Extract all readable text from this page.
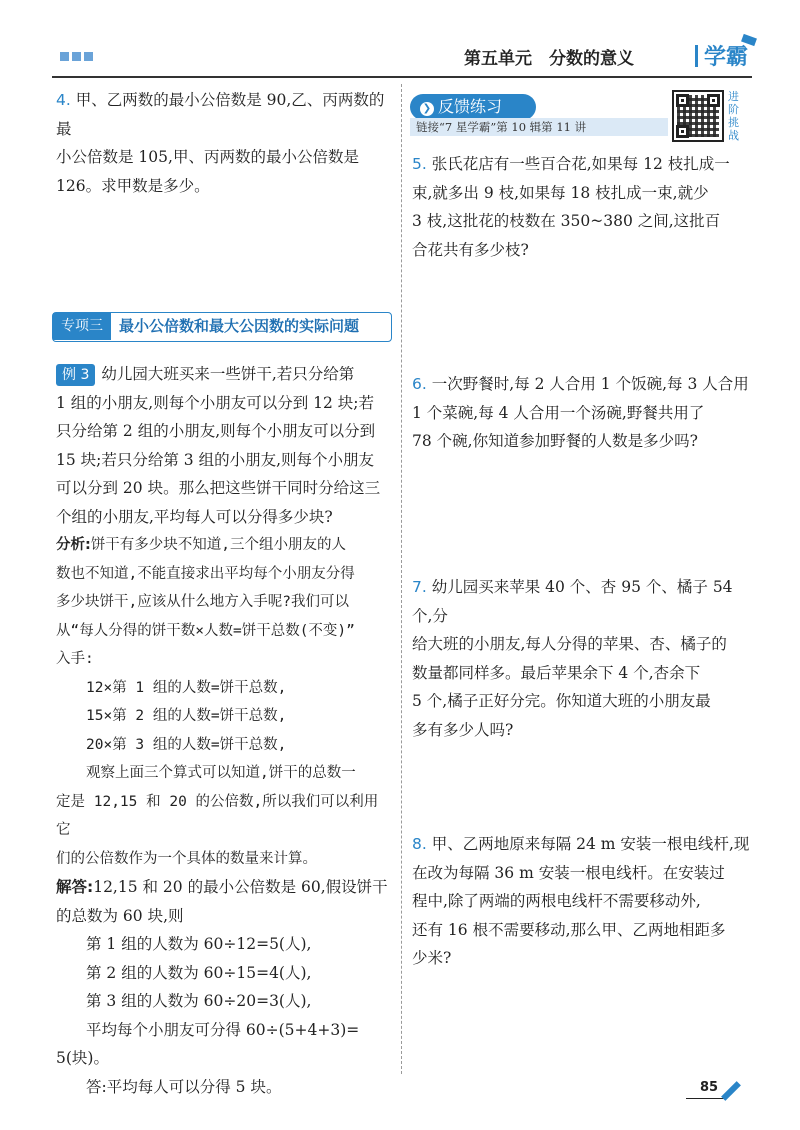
第五单元　分数的意义	学霸
4. 甲、乙两数的最小公倍数是 90,乙、丙两数的最
小公倍数是 105,甲、丙两数的最小公倍数是
126。求甲数是多少。
专项三	最小公倍数和最大公因数的实际问题
例 3 幼儿园大班买来一些饼干,若只分给第
1 组的小朋友,则每个小朋友可以分到 12 块;若
只分给第 2 组的小朋友,则每个小朋友可以分到
15 块;若只分给第 3 组的小朋友,则每个小朋友
可以分到 20 块。那么把这些饼干同时分给这三
个组的小朋友,平均每人可以分得多少块?
分析:饼干有多少块不知道,三个组小朋友的人
数也不知道,不能直接求出平均每个小朋友分得
多少块饼干,应该从什么地方入手呢?我们可以
从“每人分得的饼干数×人数=饼干总数(不变)”
入手:
12×第 1 组的人数=饼干总数,
15×第 2 组的人数=饼干总数,
20×第 3 组的人数=饼干总数,
观察上面三个算式可以知道,饼干的总数一
定是 12,15 和 20 的公倍数,所以我们可以利用它
们的公倍数作为一个具体的数量来计算。
解答:12,15 和 20 的最小公倍数是 60,假设饼干
的总数为 60 块,则
第 1 组的人数为 60÷12=5(人),
第 2 组的人数为 60÷15=4(人),
第 3 组的人数为 60÷20=3(人),
平均每个小朋友可分得 60÷(5+4+3)=
5(块)。
答:平均每人可以分得 5 块。
❯ 反馈练习
链接“7 星学霸”第 10 辑第 11 讲
进阶挑战
5. 张氏花店有一些百合花,如果每 12 枝扎成一
束,就多出 9 枝,如果每 18 枝扎成一束,就少
3 枝,这批花的枝数在 350~380 之间,这批百
合花共有多少枝?
6. 一次野餐时,每 2 人合用 1 个饭碗,每 3 人合用
1 个菜碗,每 4 人合用一个汤碗,野餐共用了
78 个碗,你知道参加野餐的人数是多少吗?
7. 幼儿园买来苹果 40 个、杏 95 个、橘子 54 个,分
给大班的小朋友,每人分得的苹果、杏、橘子的
数量都同样多。最后苹果余下 4 个,杏余下
5 个,橘子正好分完。你知道大班的小朋友最
多有多少人吗?
8. 甲、乙两地原来每隔 24 m 安装一根电线杆,现
在改为每隔 36 m 安装一根电线杆。在安装过
程中,除了两端的两根电线杆不需要移动外,
还有 16 根不需要移动,那么甲、乙两地相距多
少米?
85
